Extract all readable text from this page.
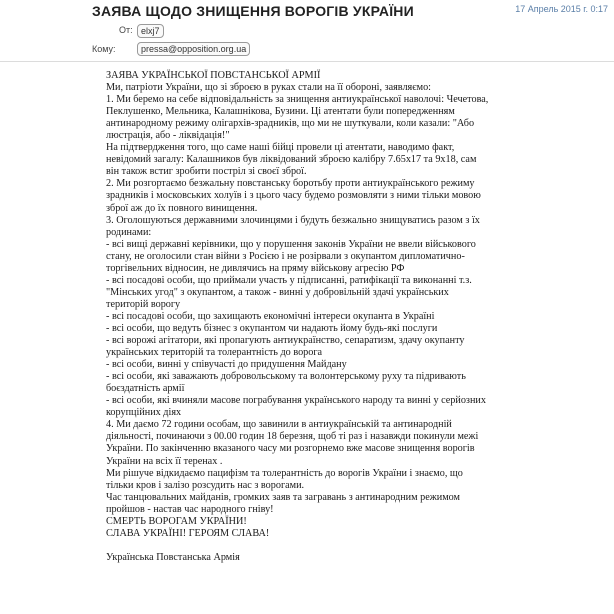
ЗАЯВА ЩОДО ЗНИЩЕННЯ ВОРОГІВ УКРАЇНИ	17 Апрель 2015 г. 0:17
От: elxj7
Кому:	pressa@opposition.org.ua
ЗАЯВА УКРАЇНСЬКОЇ ПОВСТАНСЬКОЇ АРМІЇ
Ми, патріоти України, що зі зброєю в руках стали на її обороні, заявляємо:
1. Ми беремо на себе відповідальність за знищення антиукраїнської наволочі: Чечетова,
Пеклушенко, Мельника, Калашнікова, Бузини. Ці атентати були попередженням
антинародному режиму олігархів-зрадників, що ми не шуткували, коли казали: "Або
люстрація, або - ліквідація!"
На підтвердження того, що саме наші бійці провели ці атентати, наводимо факт,
невідомий загалу: Калашников був ліквідований зброєю калібру 7.65х17 та 9х18, сам
він також встиг зробити постріл зі своєї зброї.
2. Ми розгортаємо безжальну повстанську боротьбу проти антиукраїнського режиму
зрадників і московських холуїв і з цього часу будемо розмовляти з ними тільки мовою
зброї аж до їх повного винищення.
3. Оголошуються державними злочинцями і будуть безжально знищуватись разом з їх
родинами:
- всі вищі державні керівники, що у порушення законів України не ввели військового
стану, не оголосили стан війни з Росією і не розірвали з окупантом дипломатично-
торгівельних відносин, не дивлячись на пряму військову агресію РФ
- всі посадові особи, що приймали участь у підписанні, ратифікації та виконанні т.з.
"Мінських угод" з окупантом, а також - винні у добровільній здачі українських
територій ворогу
- всі посадові особи, що захищають економічні інтереси окупанта в Україні
- всі особи, що ведуть бізнес з окупантом чи надають йому будь-які послуги
- всі ворожі агітатори, які пропагують антиукраїнство, сепаратизм, здачу окупанту
українських територій та толерантність до ворога
- всі особи, винні у співучасті до придушення Майдану
- всі особи, які заважають добровольському та волонтерському руху та підривають
боєздатність армії
- всі особи, які вчиняли масове пограбування українського народу та винні у серйозних
корупційних діях
4. Ми даємо 72 години особам, що завинили в антиукраїнській та антинародній
діяльності, починаючи з 00.00 годин 18 березня, щоб ті раз і назавжди покинули межі
України. По закінченню вказаного часу ми розгорнемо вже масове знищення ворогів
України на всіх її теренах .
Ми рішуче відкидаємо пацифізм та толерантність до ворогів України і знаємо, що
тільки кров і залізо розсудить нас з ворогами.
Час танцювальних майданів, громких заяв та загравань з антинародним режимом
пройшов - настав час народного гніву!
СМЕРТЬ ВОРОГАМ УКРАЇНИ!
СЛАВА УКРАЇНІ! ГЕРОЯМ СЛАВА!
Українська Повстанська Армія
